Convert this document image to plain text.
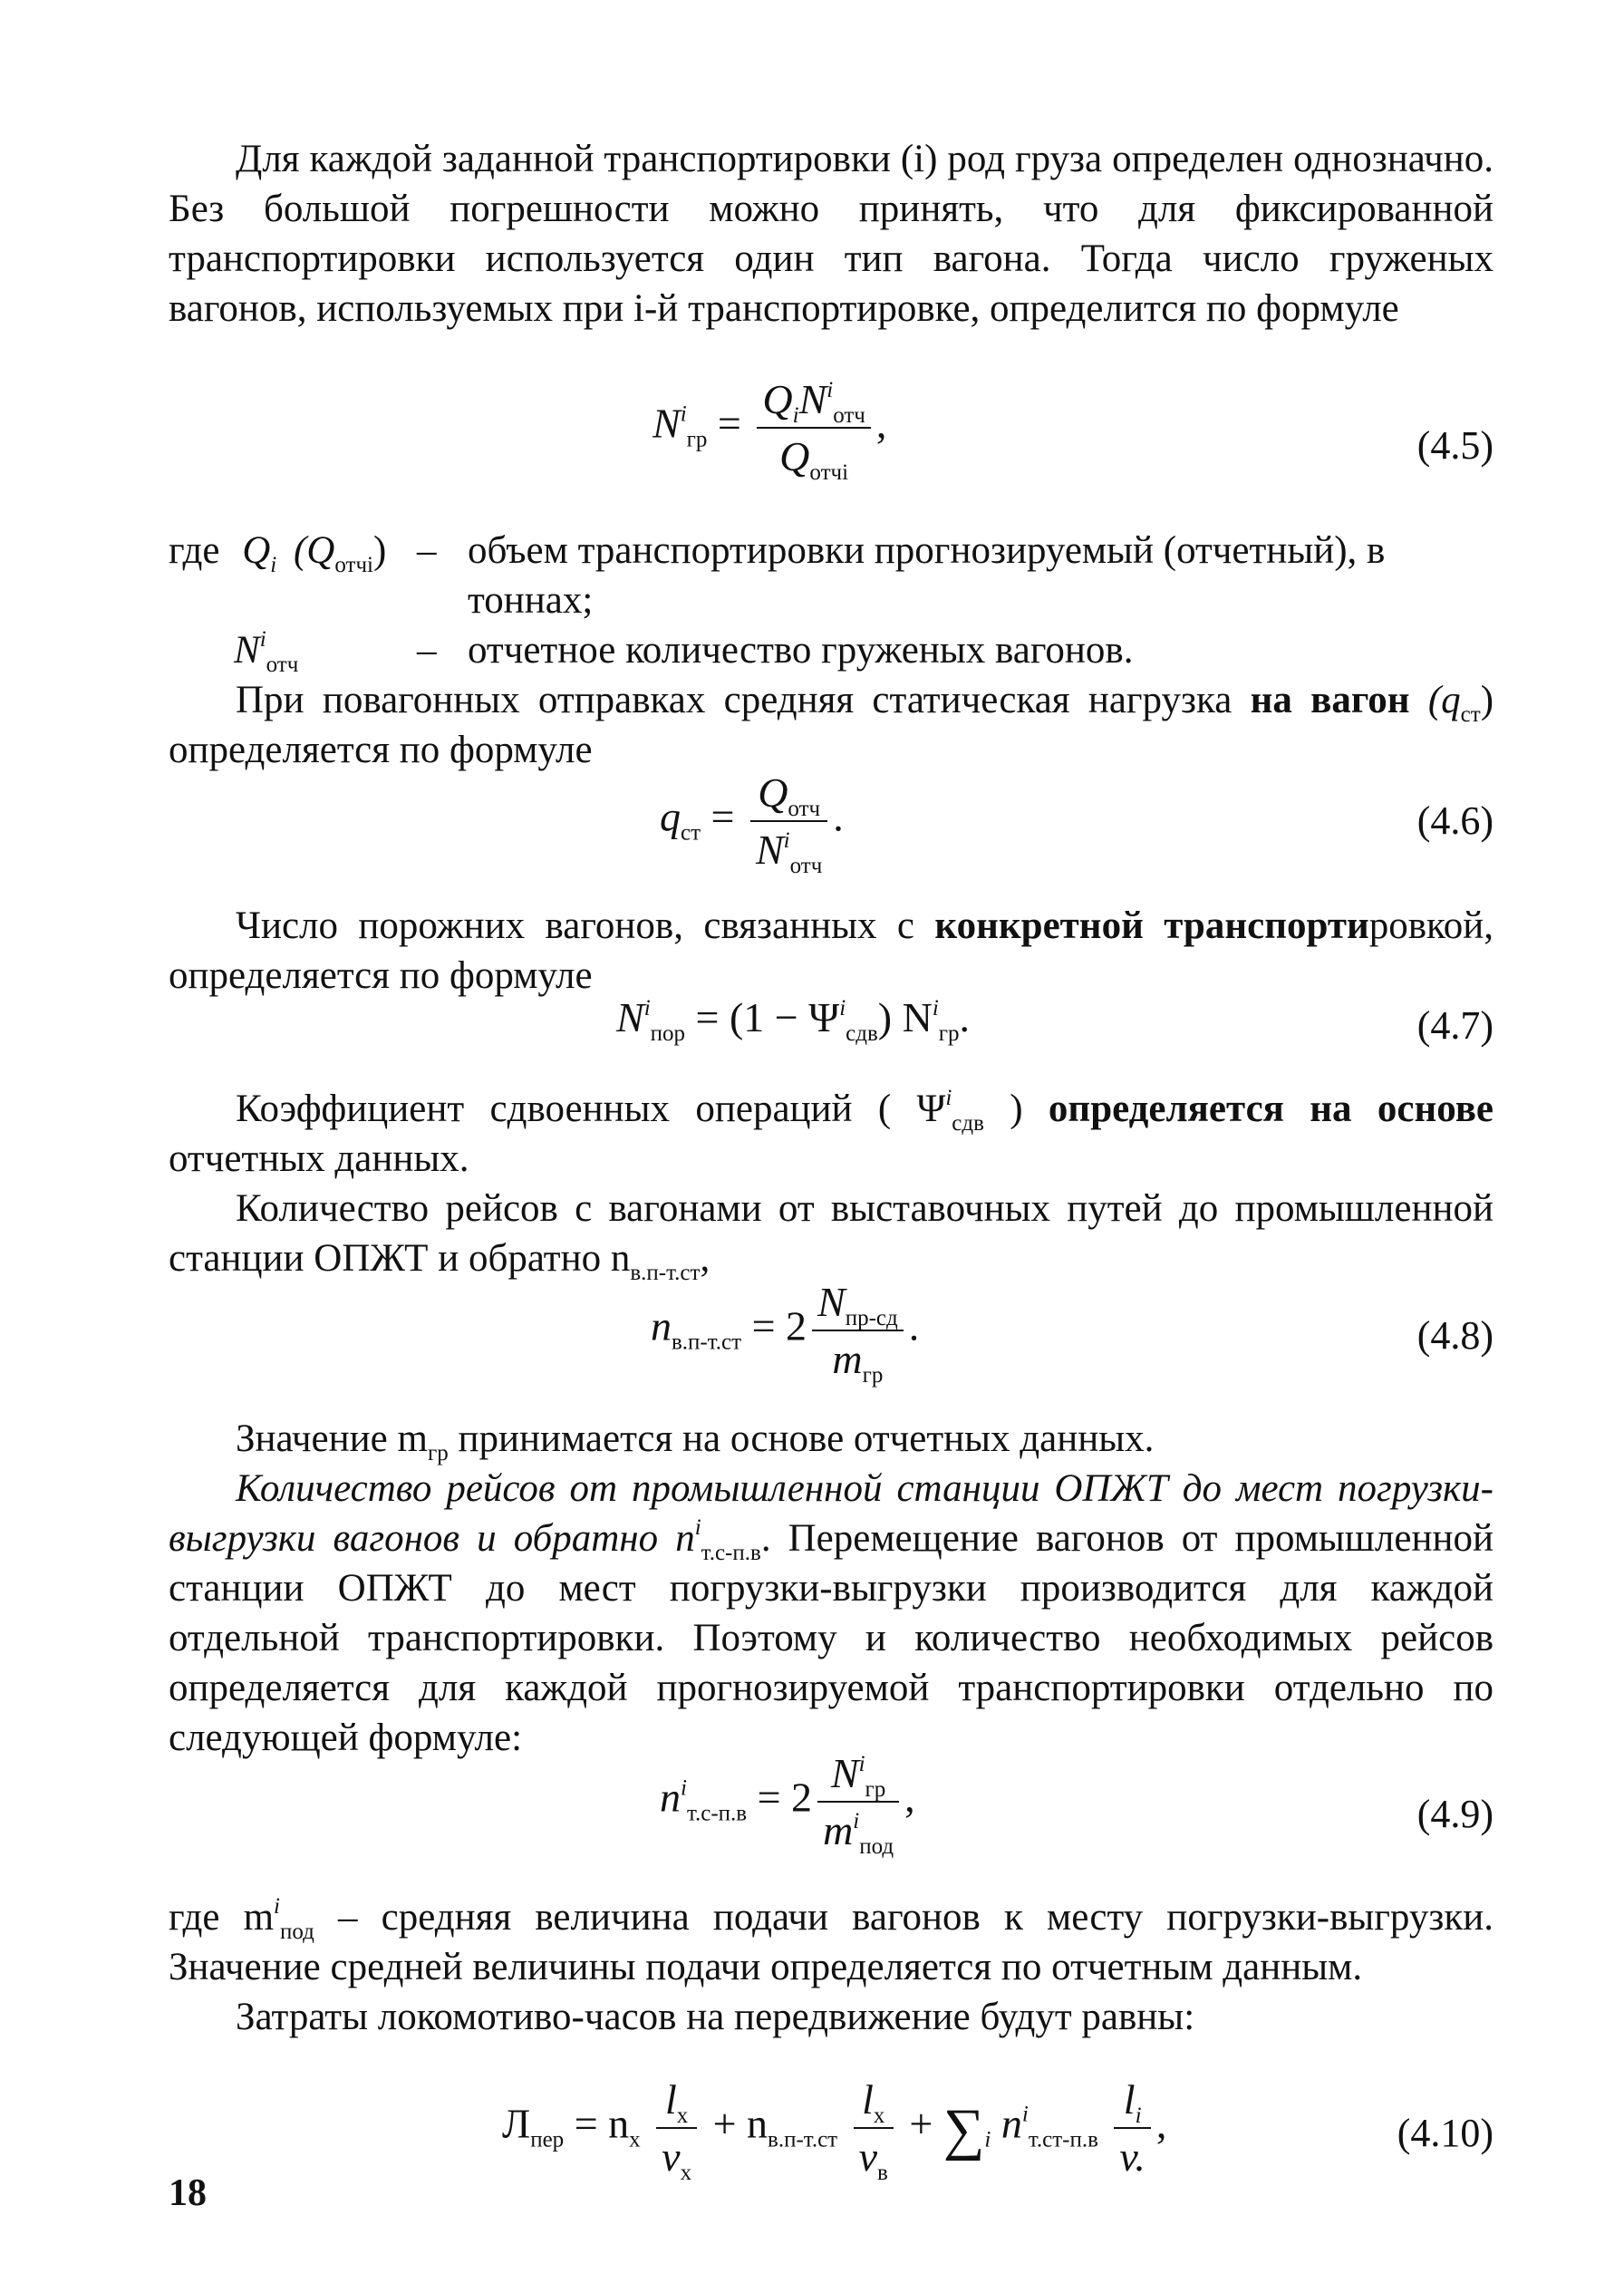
Для каждой заданной транспортировки (i) род груза определен однозначно. Без большой погрешности можно принять, что для фиксированной транспортировки используется один тип вагона. Тогда число груженых вагонов, используемых при i-й транспортировке, определится по формуле

$N^i_{гр} = \frac{Q_iN^i_{отч}}{Q_{отчi}}$ ,	(4.5)
где $Q_i$ $(Q_{отчi})$ – объем транспортировки прогнозируемый (отчетный), в тоннах;
$N^i_{отч}$	– отчетное количество груженых вагонов.

При повагонных отправках средняя статическая нагрузка на вагон $(q_{ст})$ определяется по формуле

$q_{ст} = \frac{Q_{отч}}{N^i_{отч}}$ .	(4.6)

Число порожних вагонов, связанных с конкретной транспортировкой, определяется по формуле

$N^i_{пор} = (1 - \Psi^i_{сдв})$ $N^i_{гр}$.	(4.7)

Коэффициент сдвоенных операций ( $\Psi^i_{сдв}$ ) определяется на основе отчетных данных.

Количество рейсов с вагонами от выставочных путей до промышленной станции ОПЖТ и обратно $n_{в.п-т.ст}$,

$n_{в.п-т.ст} = 2 \frac{N_{пр-сд}}{m_{гр}}$ .	(4.8)

Значение $m_{гр}$ принимается на основе отчетных данных.

Количество рейсов от промышленной станции ОПЖТ до мест погрузки-выгрузки вагонов и обратно $n^i_{т.с-п.в}$. Перемещение вагонов от промышленной станции ОПЖТ до мест погрузки-выгрузки производится для каждой отдельной транспортировки. Поэтому и количество необходимых рейсов определяется для каждой прогнозируемой транспортировки отдельно по следующей формуле:

$n^i_{т.с-п.в} = 2 \frac{N^i_{гр}}{m^i_{под}}$ ,	(4.9)

где $m^i_{под}$ – средняя величина подачи вагонов к месту погрузки-выгрузки. Значение средней величины подачи определяется по отчетным данным.

Затраты локомотиво-часов на передвижение будут равны:

$Л_{пер} = n_х \frac{l_х}{v_х} + n_{в.п-т.ст} \frac{l_х}{v_в} + \sum_i$ $n^i_{т.ст-п.в} \frac{l_i}{v.}$ ,	(4.10)
18
